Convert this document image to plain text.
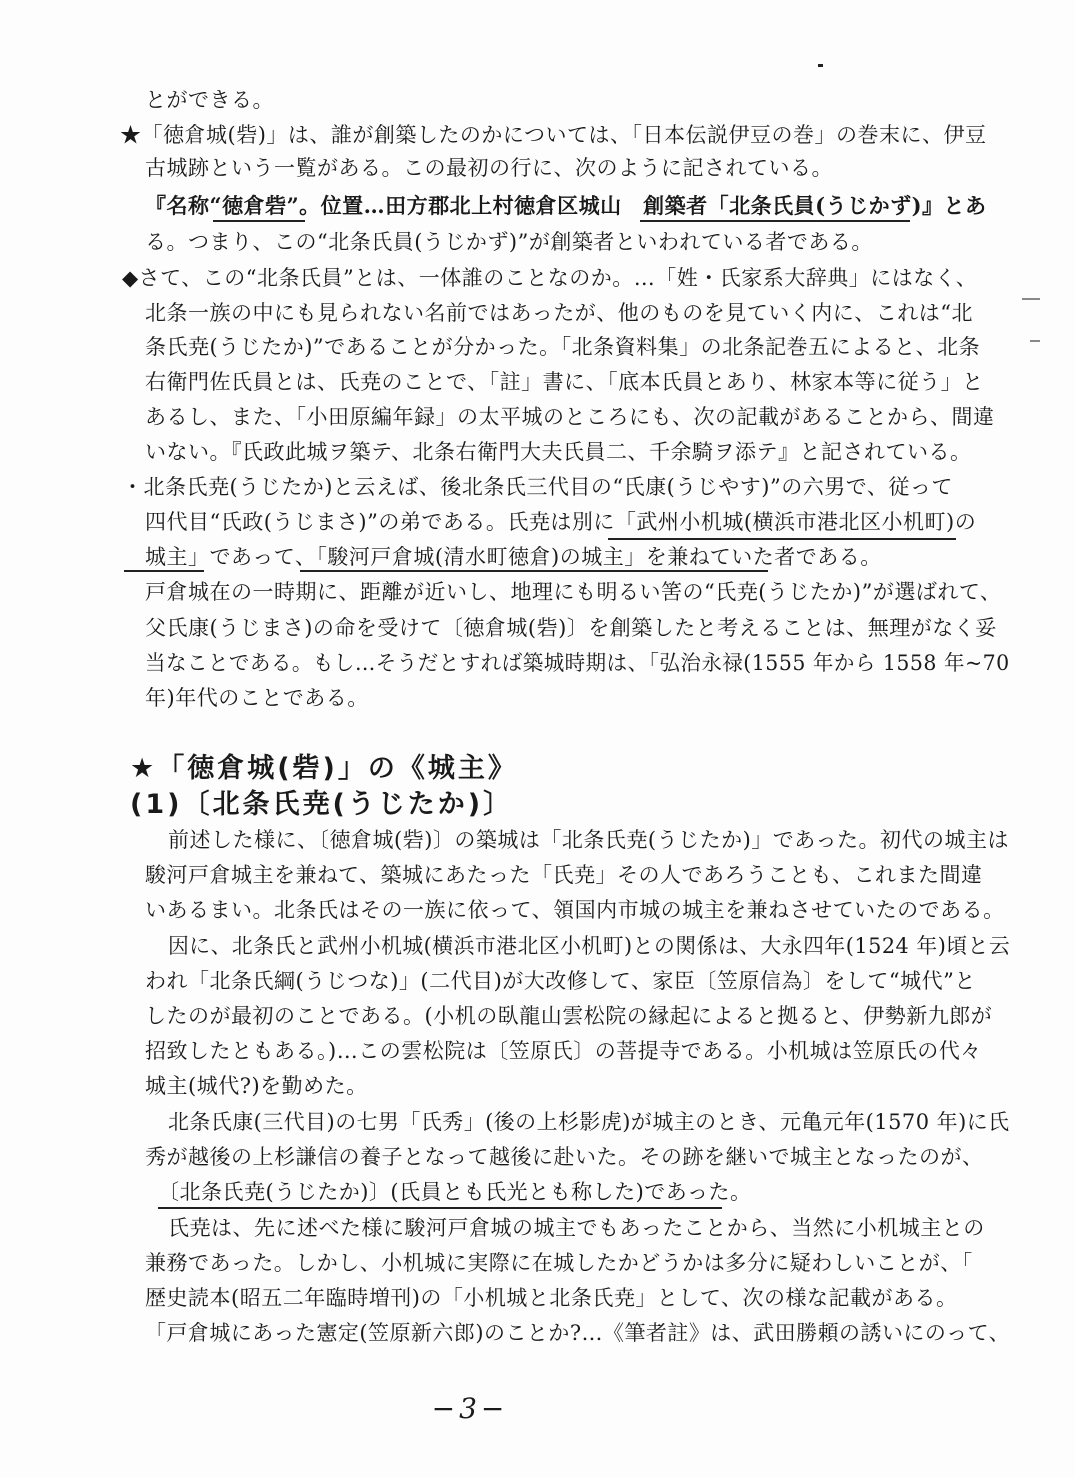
とができる。
★「徳倉城(砦)」は、誰が創築したのかについては、「日本伝説伊豆の巻」の巻末に、伊豆
古城跡という一覧がある。この最初の行に、次のように記されている。
『名称“徳倉砦”。位置…田方郡北上村徳倉区城山　創築者「北条氏員(うじかず)』とあ
る。つまり、この“北条氏員(うじかず)”が創築者といわれている者である。
◆さて、この“北条氏員”とは、一体誰のことなのか。…「姓・氏家系大辞典」にはなく、
北条一族の中にも見られない名前ではあったが、他のものを見ていく内に、これは“北
条氏尭(うじたか)”であることが分かった。「北条資料集」の北条記巻五によると、北条
右衛門佐氏員とは、氏尭のことで、「註」書に、「底本氏員とあり、林家本等に従う」と
あるし、また、「小田原編年録」の太平城のところにも、次の記載があることから、間違
いない。『氏政此城ヲ築テ、北条右衛門大夫氏員二、千余騎ヲ添テ』と記されている。
・北条氏尭(うじたか)と云えば、後北条氏三代目の“氏康(うじやす)”の六男で、従って
四代目“氏政(うじまさ)”の弟である。氏尭は別に「武州小机城(横浜市港北区小机町)の
城主」であって、「駿河戸倉城(清水町徳倉)の城主」を兼ねていた者である。
戸倉城在の一時期に、距離が近いし、地理にも明るい筈の“氏尭(うじたか)”が選ばれて、
父氏康(うじまさ)の命を受けて〔徳倉城(砦)〕を創築したと考えることは、無理がなく妥
当なことである。もし…そうだとすれば築城時期は、「弘治永禄(1555 年から 1558 年~70
年)年代のことである。
★「徳倉城(砦)」の《城主》
(1)〔北条氏尭(うじたか)〕
前述した様に、〔徳倉城(砦)〕の築城は「北条氏尭(うじたか)」であった。初代の城主は
駿河戸倉城主を兼ねて、築城にあたった「氏尭」その人であろうことも、これまた間違
いあるまい。北条氏はその一族に依って、領国内市城の城主を兼ねさせていたのである。
因に、北条氏と武州小机城(横浜市港北区小机町)との関係は、大永四年(1524 年)頃と云
われ「北条氏綱(うじつな)」(二代目)が大改修して、家臣〔笠原信為〕をして“城代”と
したのが最初のことである。(小机の臥龍山雲松院の縁起によると拠ると、伊勢新九郎が
招致したともある。)…この雲松院は〔笠原氏〕の菩提寺である。小机城は笠原氏の代々
城主(城代?)を勤めた。
北条氏康(三代目)の七男「氏秀」(後の上杉影虎)が城主のとき、元亀元年(1570 年)に氏
秀が越後の上杉謙信の養子となって越後に赴いた。その跡を継いで城主となったのが、
〔北条氏尭(うじたか)〕(氏員とも氏光とも称した)であった。
氏尭は、先に述べた様に駿河戸倉城の城主でもあったことから、当然に小机城主との
兼務であった。しかし、小机城に実際に在城したかどうかは多分に疑わしいことが、「
歴史読本(昭五二年臨時増刊)の「小机城と北条氏尭」として、次の様な記載がある。
「戸倉城にあった憲定(笠原新六郎)のことか?…《筆者註》は、武田勝頼の誘いにのって、
−3−
